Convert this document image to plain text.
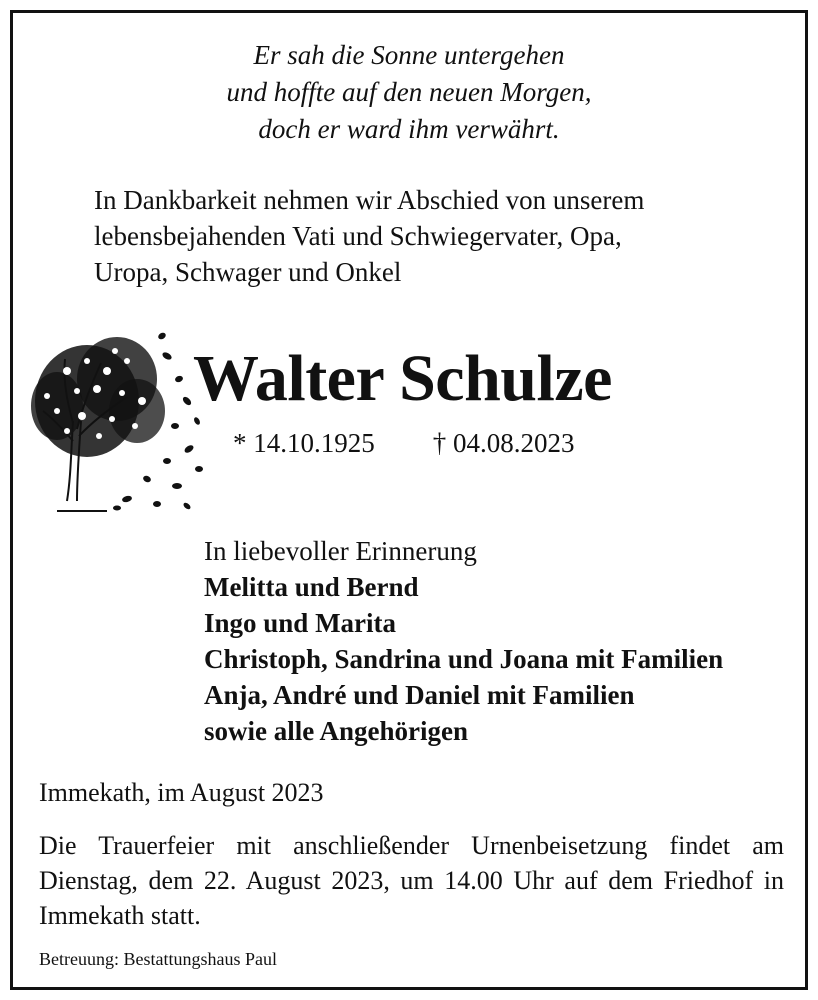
Er sah die Sonne untergehen
und hoffte auf den neuen Morgen,
doch er ward ihm verwährt.
In Dankbarkeit nehmen wir Abschied von unserem
lebensbejahenden Vati und Schwiegervater, Opa,
Uropa, Schwager und Onkel
Walter Schulze
* 14.10.1925 † 04.08.2023
In liebevoller Erinnerung
Melitta und Bernd
Ingo und Marita
Christoph, Sandrina und Joana mit Familien
Anja, André und Daniel mit Familien
sowie alle Angehörigen
Immekath, im August 2023
Die Trauerfeier mit anschließender Urnenbeisetzung findet am Dienstag, dem 22. August 2023, um 14.00 Uhr auf dem Friedhof in Immekath statt.
Betreuung: Bestattungshaus Paul
